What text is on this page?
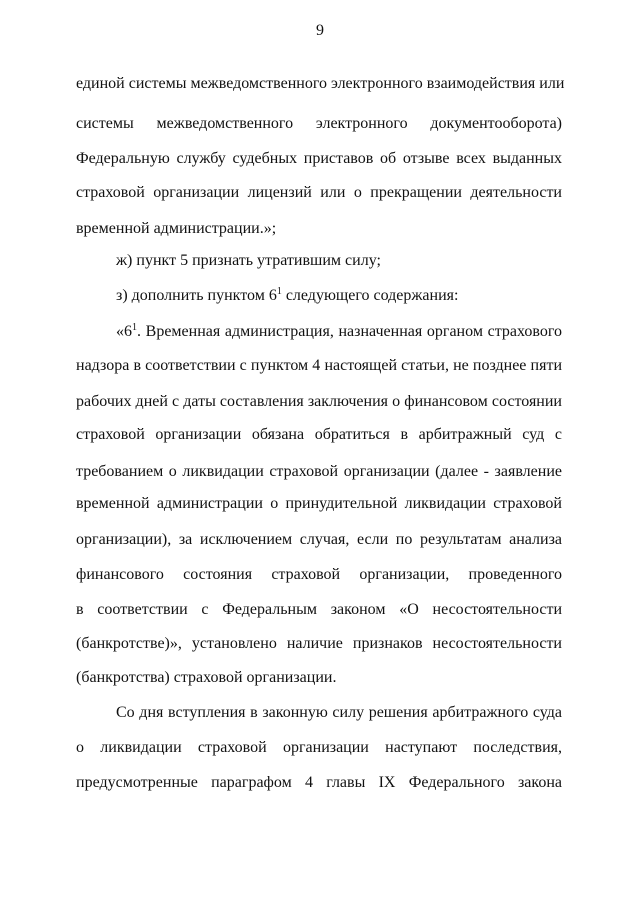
9
единой системы межведомственного электронного взаимодействия или
системы межведомственного электронного документооборота)
Федеральную службу судебных приставов об отзыве всех выданных
страховой организации лицензий или о прекращении деятельности
временной администрации.»;
ж) пункт 5 признать утратившим силу;
з) дополнить пунктом $6^1$ следующего содержания:
«$6^1$. Временная администрация, назначенная органом страхового
надзора в соответствии с пунктом 4 настоящей статьи, не позднее пяти
рабочих дней с даты составления заключения о финансовом состоянии
страховой организации обязана обратиться в арбитражный суд с
требованием о ликвидации страховой организации (далее - заявление
временной администрации о принудительной ликвидации страховой
организации), за исключением случая, если по результатам анализа
финансового состояния страховой организации, проведенного
в соответствии с Федеральным законом «О несостоятельности
(банкротстве)», установлено наличие признаков несостоятельности
(банкротства) страховой организации.
Со дня вступления в законную силу решения арбитражного суда
о ликвидации страховой организации наступают последствия,
предусмотренные параграфом 4 главы IX Федерального закона
